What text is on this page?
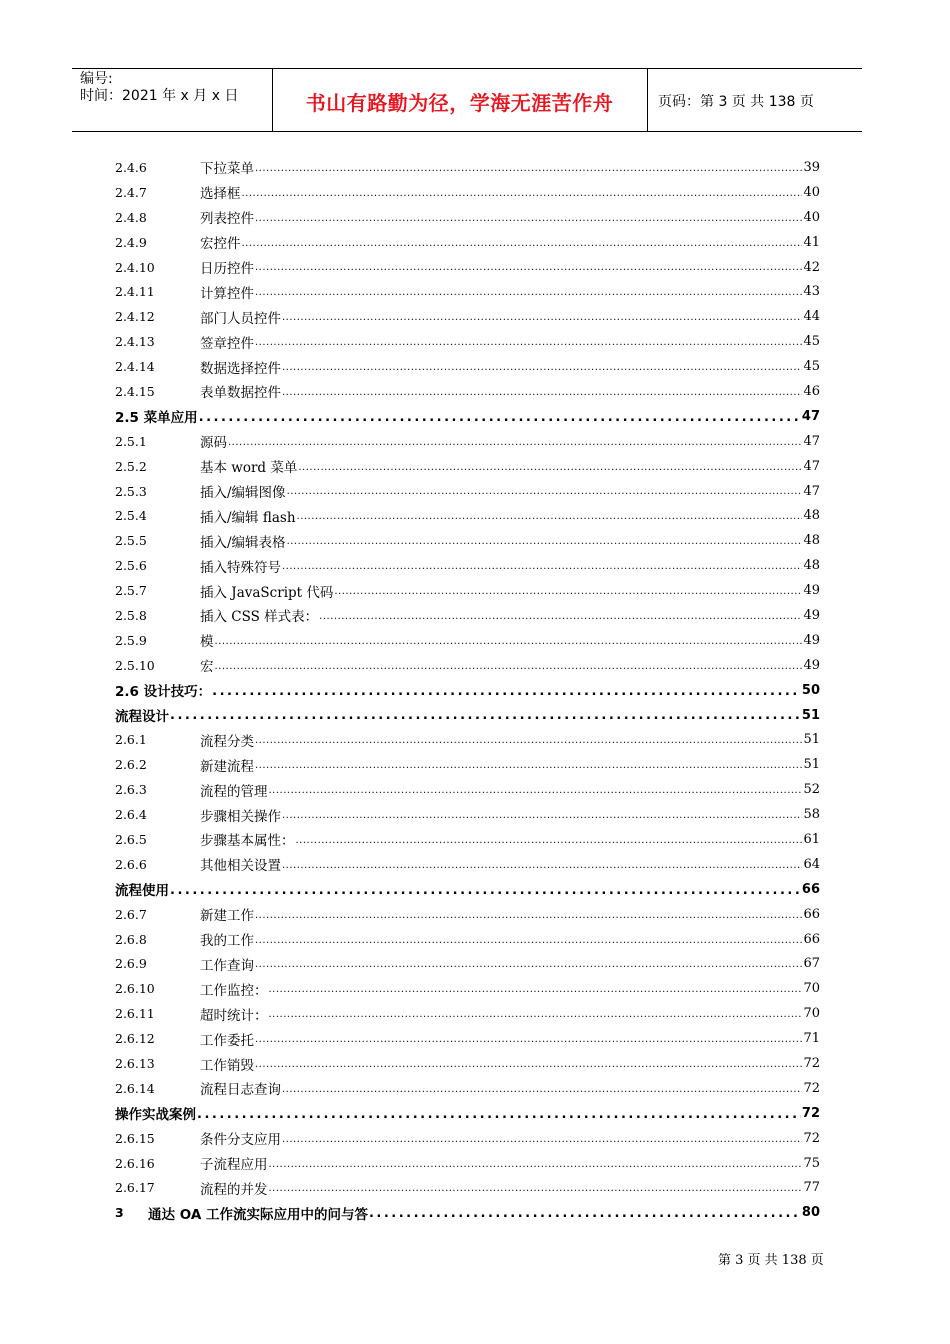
编号:
时间：2021 年 x 月 x 日	书山有路勤为径，学海无涯苦作舟	页码：第 3 页 共 138 页
2.4.6	下拉菜单 .....	39
2.4.7	选择框 .....	40
2.4.8	列表控件 .....	40
2.4.9	宏控件 .....	41
2.4.10	日历控件 .....	42
2.4.11	计算控件 .....	43
2.4.12	部门人员控件 .....	44
2.4.13	签章控件 .....	45
2.4.14	数据选择控件 .....	45
2.4.15	表单数据控件 .....	46
2.5 菜单应用 .....	47
2.5.1	源码 .....	47
2.5.2	基本 word 菜单 .....	47
2.5.3	插入/编辑图像 .....	47
2.5.4	插入/编辑 flash .....	48
2.5.5	插入/编辑表格 .....	48
2.5.6	插入特殊符号 .....	48
2.5.7	插入 JavaScript 代码 .....	49
2.5.8	插入 CSS 样式表： .....	49
2.5.9	模 .....	49
2.5.10	宏 .....	49
2.6 设计技巧： .....	50
流程设计 .....	51
2.6.1	流程分类 .....	51
2.6.2	新建流程 .....	51
2.6.3	流程的管理 .....	52
2.6.4	步骤相关操作 .....	58
2.6.5	步骤基本属性： .....	61
2.6.6	其他相关设置 .....	64
流程使用 .....	66
2.6.7	新建工作 .....	66
2.6.8	我的工作 .....	66
2.6.9	工作查询 .....	67
2.6.10	工作监控： .....	70
2.6.11	超时统计： .....	70
2.6.12	工作委托 .....	71
2.6.13	工作销毁 .....	72
2.6.14	流程日志查询 .....	72
操作实战案例 .....	72
2.6.15	条件分支应用 .....	72
2.6.16	子流程应用 .....	75
2.6.17	流程的并发 .....	77
3	通达 OA 工作流实际应用中的问与答 .....	80
第 3 页 共 138 页
